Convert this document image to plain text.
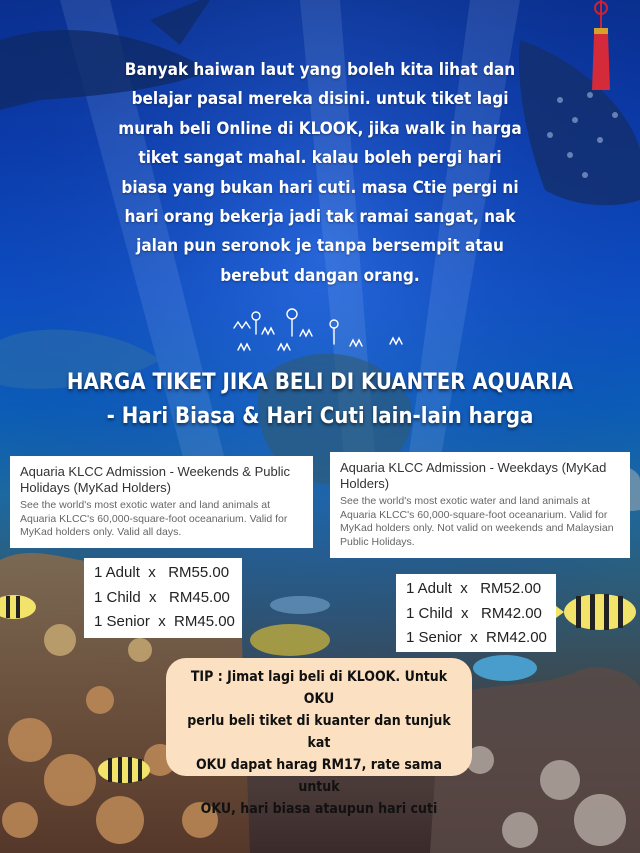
Banyak haiwan laut yang boleh kita lihat dan
belajar pasal mereka disini. untuk tiket lagi
murah beli Online di KLOOK, jika walk in harga
tiket sangat mahal. kalau boleh pergi hari
biasa yang bukan hari cuti. masa Ctie pergi ni
hari orang bekerja jadi tak ramai sangat, nak
jalan pun seronok je tanpa bersempit atau
berebut dangan orang.
HARGA TIKET JIKA BELI DI KUANTER AQUARIA
- Hari Biasa & Hari Cuti lain-lain harga
Aquaria KLCC Admission - Weekends & Public Holidays (MyKad Holders)

See the world's most exotic water and land animals at Aquaria KLCC's 60,000-square-foot oceanarium. Valid for MyKad holders only. Valid all days.

Aquaria KLCC Admission - Weekdays (MyKad Holders)

See the world's most exotic water and land animals at Aquaria KLCC's 60,000-square-foot oceanarium. Valid for MyKad holders only. Not valid on weekends and Malaysian Public Holidays.

1 Adult  x   RM55.00
1 Child  x   RM45.00
1 Senior  x  RM45.00
1 Adult  x   RM52.00
1 Child  x   RM42.00
1 Senior  x  RM42.00
TIP : Jimat lagi beli di KLOOK. Untuk OKU
perlu beli tiket di kuanter dan tunjuk kat
OKU dapat harag RM17, rate sama untuk
OKU, hari biasa ataupun hari cuti
